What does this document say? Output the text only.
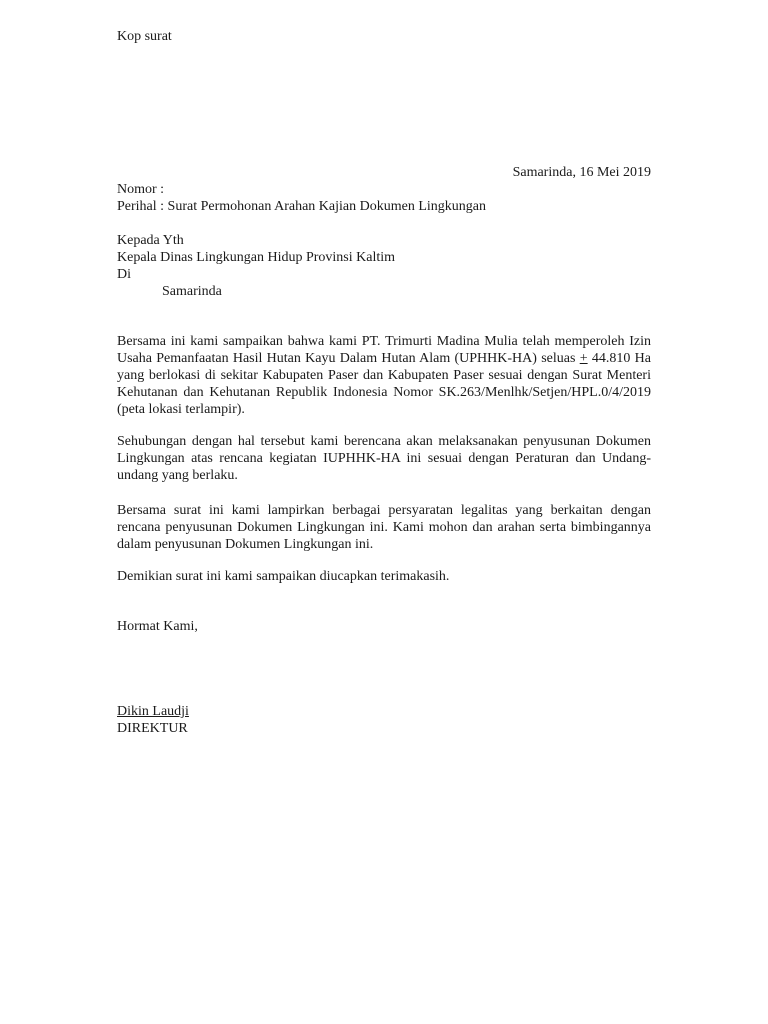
Kop surat
Samarinda, 16 Mei 2019
Nomor :
Perihal : Surat Permohonan Arahan Kajian Dokumen Lingkungan
Kepada Yth
Kepala Dinas Lingkungan Hidup Provinsi Kaltim
Di
Samarinda
Bersama ini kami sampaikan bahwa kami PT. Trimurti Madina Mulia telah memperoleh Izin Usaha Pemanfaatan Hasil Hutan Kayu Dalam Hutan Alam (UPHHK-HA) seluas + 44.810 Ha yang berlokasi di sekitar Kabupaten Paser dan Kabupaten Paser sesuai dengan Surat Menteri Kehutanan dan Kehutanan Republik Indonesia Nomor SK.263/Menlhk/Setjen/HPL.0/4/2019 (peta lokasi terlampir).
Sehubungan dengan hal tersebut kami berencana akan melaksanakan penyusunan Dokumen Lingkungan atas rencana kegiatan IUPHHK-HA ini sesuai dengan Peraturan dan Undang-undang yang berlaku.
Bersama surat ini kami lampirkan berbagai persyaratan legalitas yang berkaitan dengan rencana penyusunan Dokumen Lingkungan ini. Kami mohon dan arahan serta bimbingannya dalam penyusunan Dokumen Lingkungan ini.
Demikian surat ini kami sampaikan diucapkan terimakasih.
Hormat Kami,
Dikin Laudji
DIREKTUR
